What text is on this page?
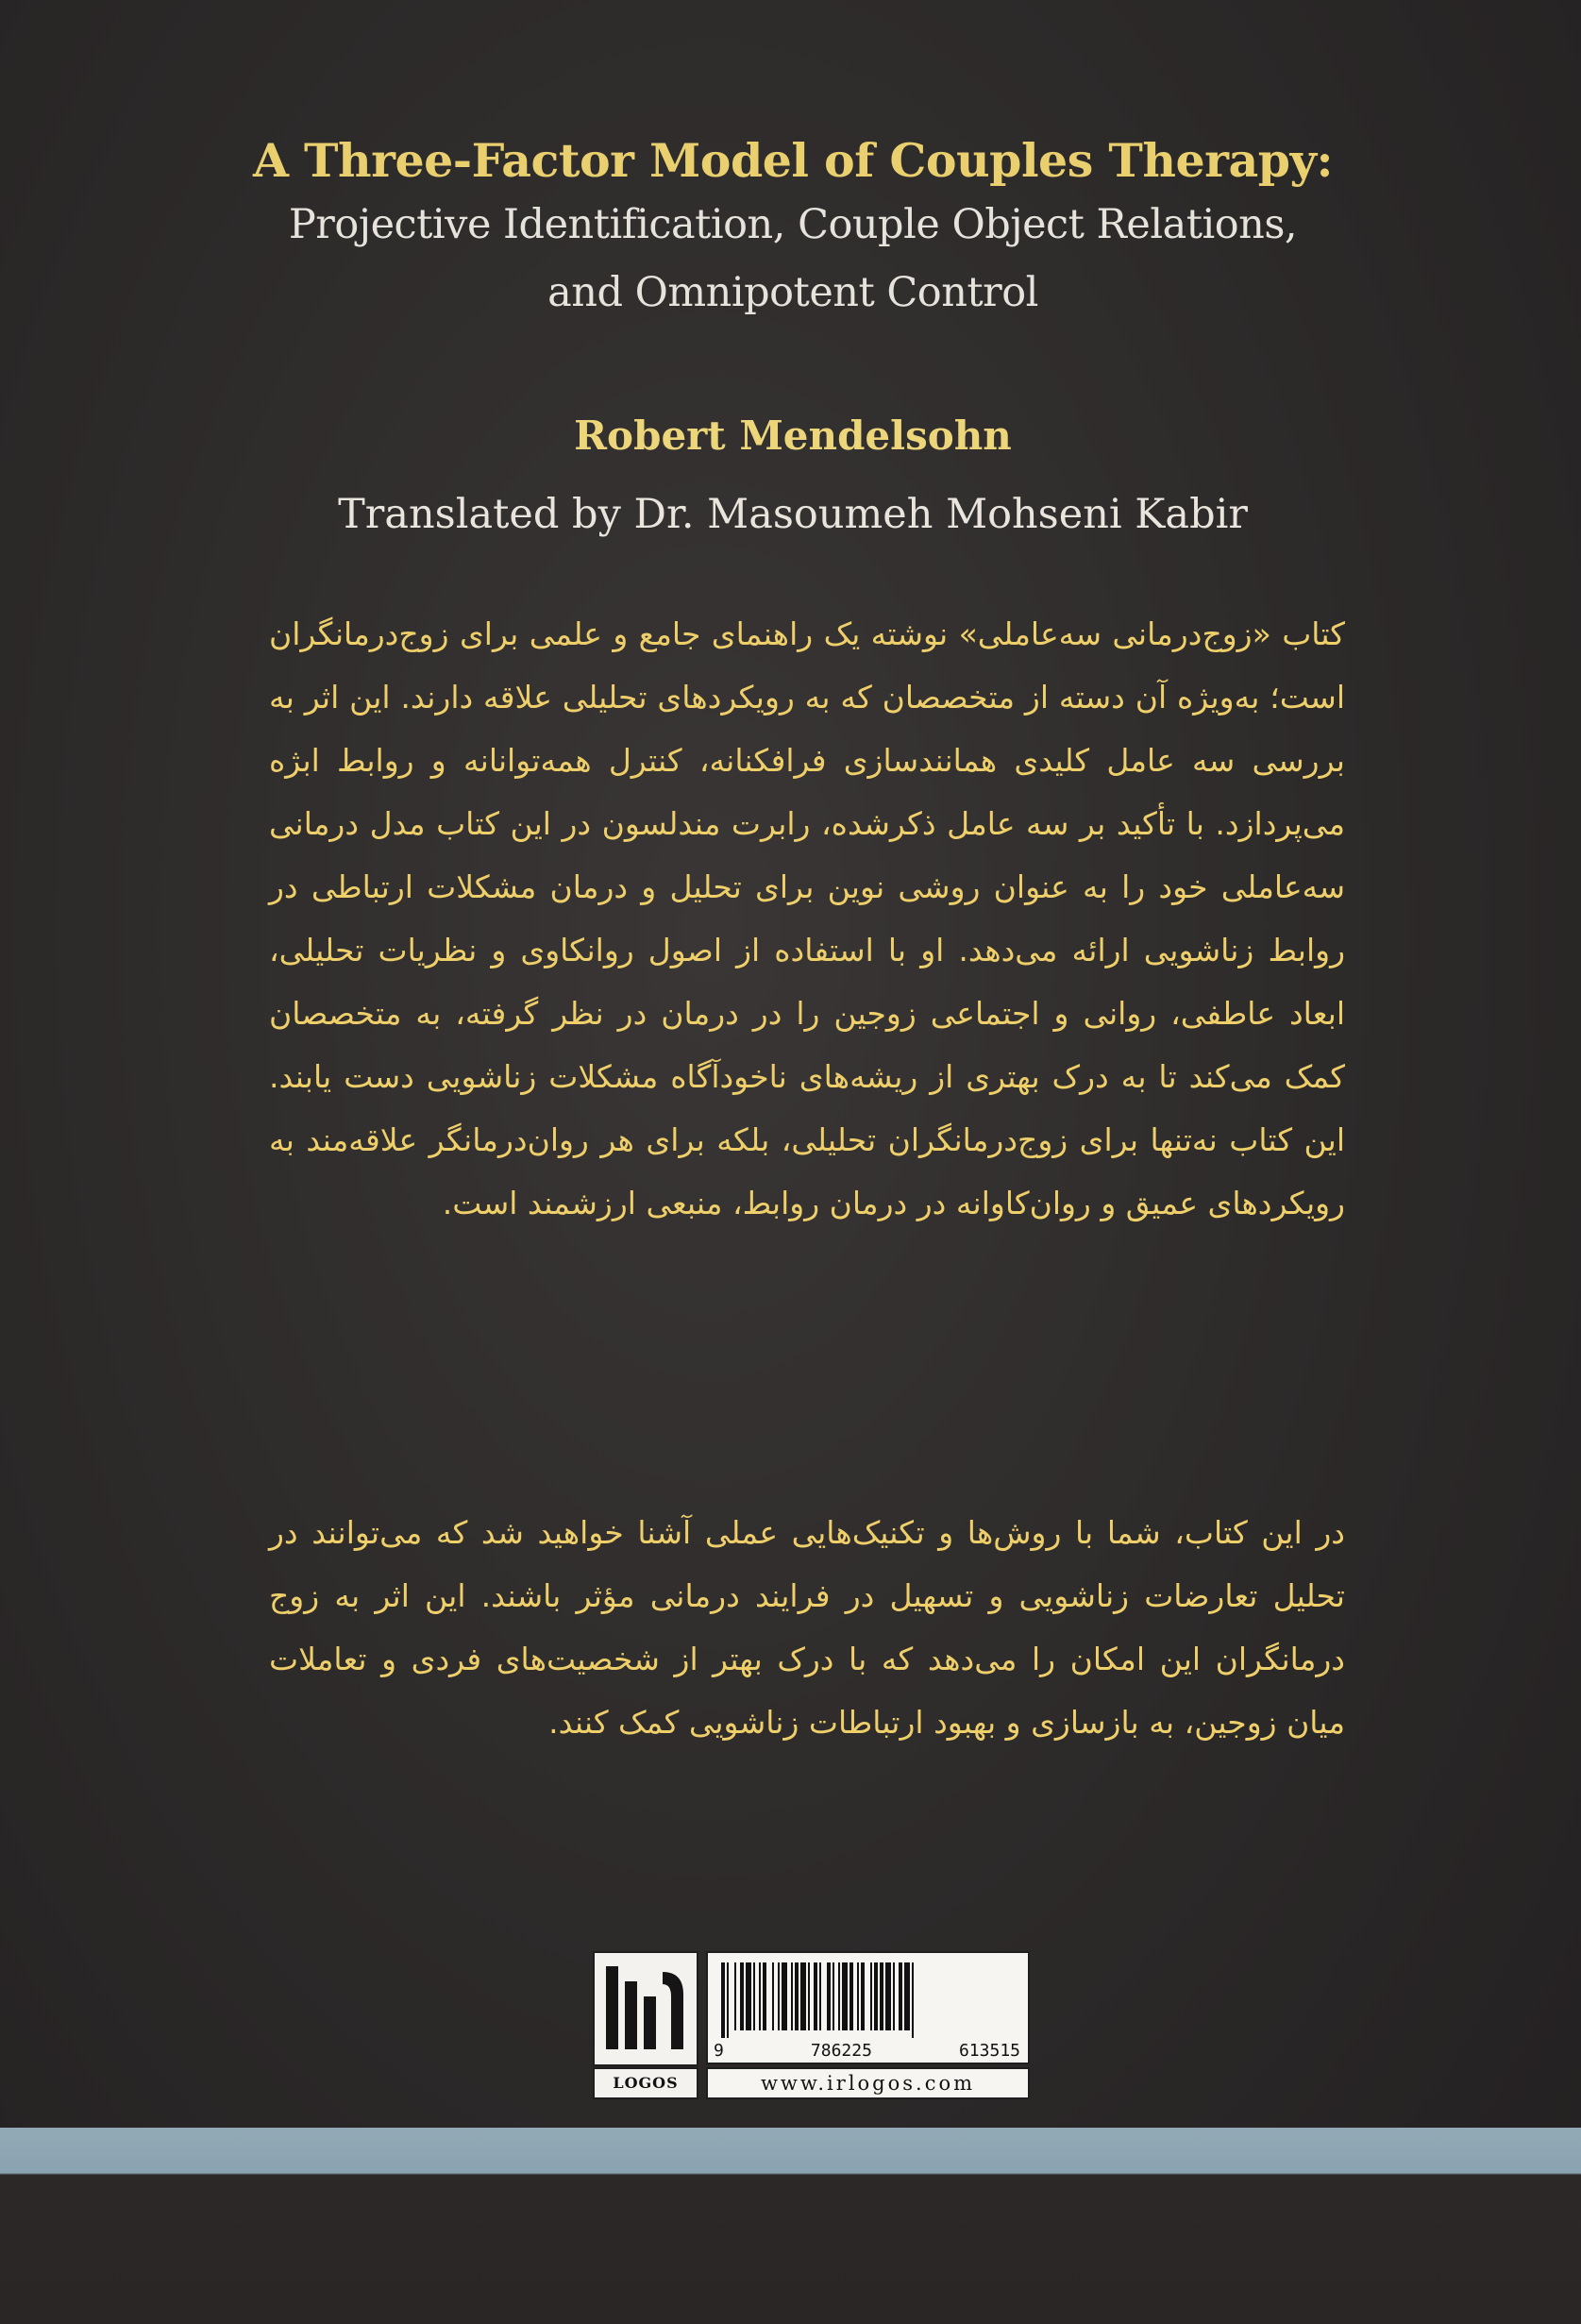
A Three-Factor Model of Couples Therapy:
Projective Identification, Couple Object Relations,
and Omnipotent Control
Robert Mendelsohn
Translated by Dr. Masoumeh Mohseni Kabir
کتاب «زوج‌درمانی سه‌عاملی» نوشته یک راهنمای جامع و علمی برای زوج‌درمانگران است؛ به‌ویژه آن دسته از متخصصان که به رویکردهای تحلیلی علاقه دارند. این اثر به بررسی سه عامل کلیدی همانندسازی فرافکنانه، کنترل همه‌توانانه و روابط ابژه می‌پردازد. با تأکید بر سه عامل ذکرشده، رابرت مندلسون در این کتاب مدل درمانی سه‌عاملی خود را به عنوان روشی نوین برای تحلیل و درمان مشکلات ارتباطی در روابط زناشویی ارائه می‌دهد. او با استفاده از اصول روانکاوی و نظریات تحلیلی، ابعاد عاطفی، روانی و اجتماعی زوجین را در درمان در نظر گرفته، به متخصصان کمک می‌کند تا به درک بهتری از ریشه‌های ناخودآگاه مشکلات زناشویی دست یابند. این کتاب نه‌تنها برای زوج‌درمانگران تحلیلی، بلکه برای هر روان‌درمانگر علاقه‌مند به رویکردهای عمیق و روان‌کاوانه در درمان روابط، منبعی ارزشمند است.
در این کتاب، شما با روش‌ها و تکنیک‌هایی عملی آشنا خواهید شد که می‌توانند در تحلیل تعارضات زناشویی و تسهیل در فرایند درمانی مؤثر باشند. این اثر به زوج درمانگران این امکان را می‌دهد که با درک بهتر از شخصیت‌های فردی و تعاملات میان زوجین، به بازسازی و بهبود ارتباطات زناشویی کمک کنند.
LOGOS
9	786225	613515
www.irlogos.com
